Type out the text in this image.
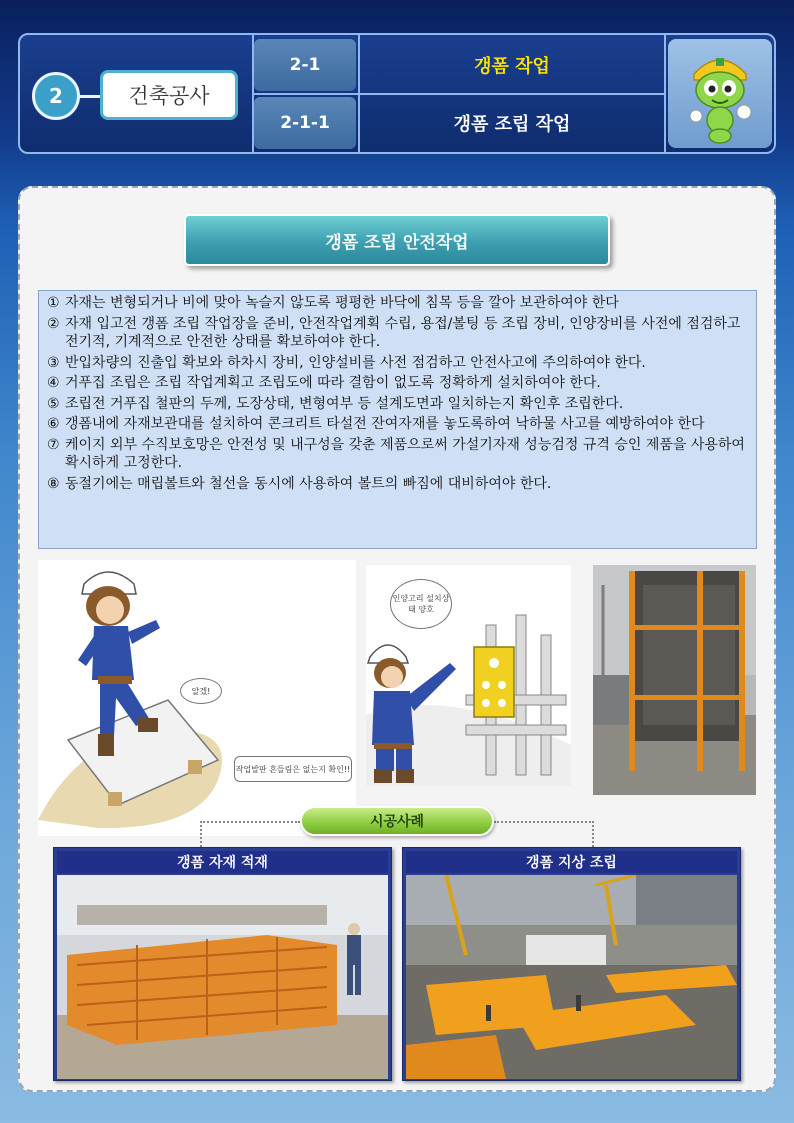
2	건축공사
2-1
2-1-1
갱폼 작업
갱폼 조립 작업
갱폼 조립 안전작업
① 자재는 변형되거나 비에 맞아 녹슬지 않도록 평평한 바닥에 침목 등을 깔아 보관하여야 한다
② 자재 입고전 갱폼 조립 작업장을 준비, 안전작업계획 수립, 용접/볼팅 등 조립 장비, 인양장비를 사전에 점검하고 전기적, 기계적으로 안전한 상태를 확보하여야 한다.
③ 반입차량의 진출입 확보와 하차시 장비, 인양설비를 사전 점검하고 안전사고에 주의하여야 한다.
④ 거푸집 조립은 조립 작업계획고 조립도에 따라 결함이 없도록 정확하게 설치하여야 한다.
⑤ 조립전 거푸집 철판의 두께, 도장상태, 변형여부 등 설계도면과 일치하는지 확인후 조립한다.
⑥ 갱폼내에 자재보관대를 설치하여 콘크리트 타설전 잔여자재를 놓도록하여 낙하물 사고를 예방하여야 한다
⑦ 케이지 외부 수직보호망은 안전성 및 내구성을 갖춘 제품으로써 가설기자재 성능검정 규격 승인 제품을 사용하여 확시하게 고정한다.
⑧ 동절기에는 매립볼트와 철선을 동시에 사용하여 볼트의 빠짐에 대비하여야 한다.
알겠!
작업발판 흔들림은 없는지 확인!!
인양고리 설치상태 양호
시공사례
갱폼 자재 적재	갱폼 지상 조립
